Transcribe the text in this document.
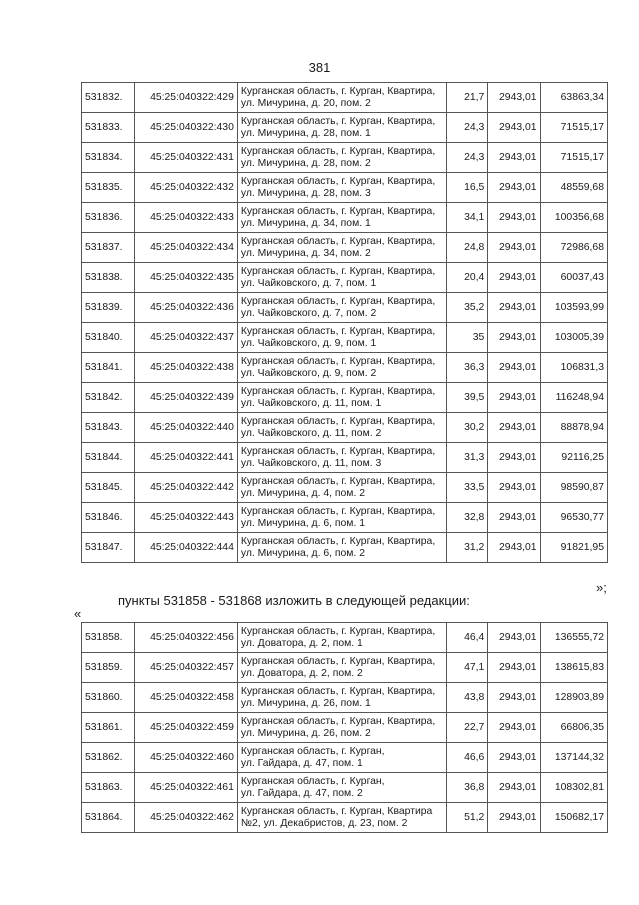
381
531832.	45:25:040322:429	Курганская область, г. Курган, Квартира,
ул. Мичурина, д. 20, пом. 2	21,7	2943,01	63863,34
531833.	45:25:040322:430	Курганская область, г. Курган, Квартира,
ул. Мичурина, д. 28, пом. 1	24,3	2943,01	71515,17
531834.	45:25:040322:431	Курганская область, г. Курган, Квартира,
ул. Мичурина, д. 28, пом. 2	24,3	2943,01	71515,17
531835.	45:25:040322:432	Курганская область, г. Курган, Квартира,
ул. Мичурина, д. 28, пом. 3	16,5	2943,01	48559,68
531836.	45:25:040322:433	Курганская область, г. Курган, Квартира,
ул. Мичурина, д. 34, пом. 1	34,1	2943,01	100356,68
531837.	45:25:040322:434	Курганская область, г. Курган, Квартира,
ул. Мичурина, д. 34, пом. 2	24,8	2943,01	72986,68
531838.	45:25:040322:435	Курганская область, г. Курган, Квартира,
ул. Чайковского, д. 7, пом. 1	20,4	2943,01	60037,43
531839.	45:25:040322:436	Курганская область, г. Курган, Квартира,
ул. Чайковского, д. 7, пом. 2	35,2	2943,01	103593,99
531840.	45:25:040322:437	Курганская область, г. Курган, Квартира,
ул. Чайковского, д. 9, пом. 1	35	2943,01	103005,39
531841.	45:25:040322:438	Курганская область, г. Курган, Квартира,
ул. Чайковского, д. 9, пом. 2	36,3	2943,01	106831,3
531842.	45:25:040322:439	Курганская область, г. Курган, Квартира,
ул. Чайковского, д. 11, пом. 1	39,5	2943,01	116248,94
531843.	45:25:040322:440	Курганская область, г. Курган, Квартира,
ул. Чайковского, д. 11, пом. 2	30,2	2943,01	88878,94
531844.	45:25:040322:441	Курганская область, г. Курган, Квартира,
ул. Чайковского, д. 11, пом. 3	31,3	2943,01	92116,25
531845.	45:25:040322:442	Курганская область, г. Курган, Квартира,
ул. Мичурина, д. 4, пом. 2	33,5	2943,01	98590,87
531846.	45:25:040322:443	Курганская область, г. Курган, Квартира,
ул. Мичурина, д. 6, пом. 1	32,8	2943,01	96530,77
531847.	45:25:040322:444	Курганская область, г. Курган, Квартира,
ул. Мичурина, д. 6, пом. 2	31,2	2943,01	91821,95
»;
пункты 531858 - 531868 изложить в следующей редакции:
«
531858.	45:25:040322:456	Курганская область, г. Курган, Квартира,
ул. Доватора, д. 2, пом. 1	46,4	2943,01	136555,72
531859.	45:25:040322:457	Курганская область, г. Курган, Квартира,
ул. Доватора, д. 2, пом. 2	47,1	2943,01	138615,83
531860.	45:25:040322:458	Курганская область, г. Курган, Квартира,
ул. Мичурина, д. 26, пом. 1	43,8	2943,01	128903,89
531861.	45:25:040322:459	Курганская область, г. Курган, Квартира,
ул. Мичурина, д. 26, пом. 2	22,7	2943,01	66806,35
531862.	45:25:040322:460	Курганская область, г. Курган,
ул. Гайдара, д. 47, пом. 1	46,6	2943,01	137144,32
531863.	45:25:040322:461	Курганская область, г. Курган,
ул. Гайдара, д. 47, пом. 2	36,8	2943,01	108302,81
531864.	45:25:040322:462	Курганская область, г. Курган, Квартира
№2, ул. Декабристов, д. 23, пом. 2	51,2	2943,01	150682,17
